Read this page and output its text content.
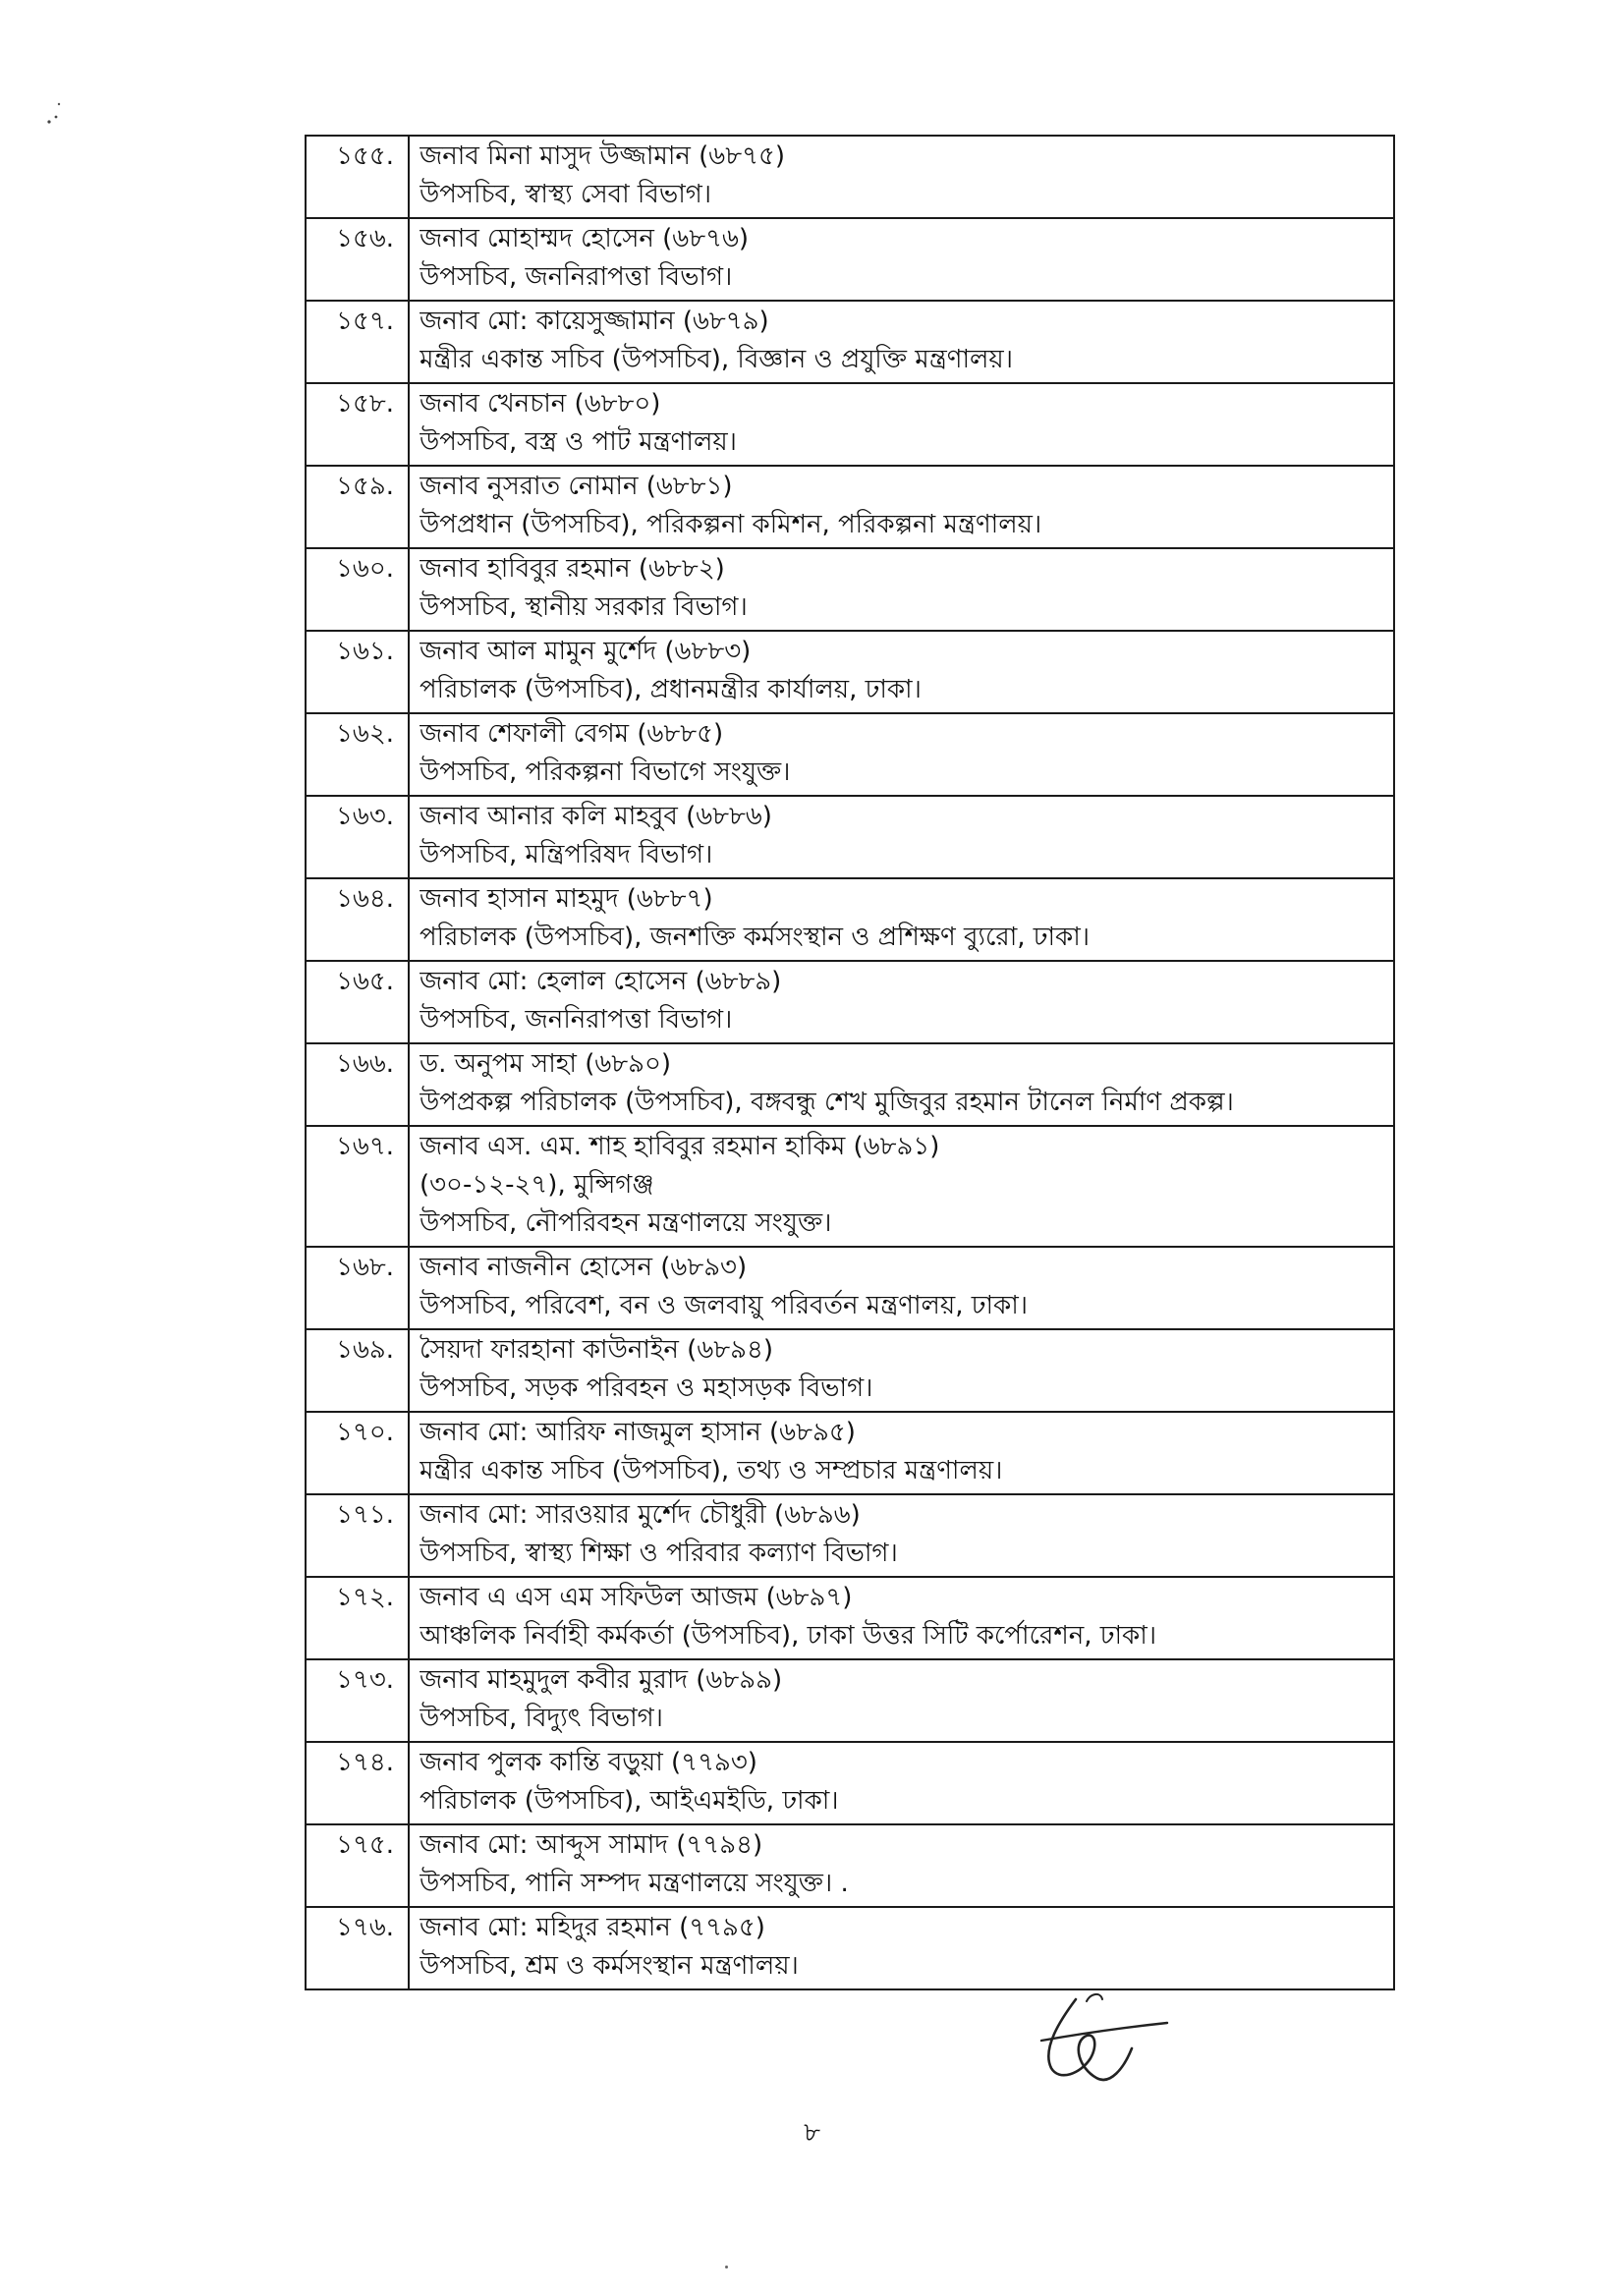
১৫৫.	জনাব মিনা মাসুদ উজ্জামান (৬৮৭৫)
উপসচিব, স্বাস্থ্য সেবা বিভাগ।

১৫৬.	জনাব মোহাম্মদ হোসেন (৬৮৭৬)
উপসচিব, জননিরাপত্তা বিভাগ।

১৫৭.	জনাব মো: কায়েসুজ্জামান (৬৮৭৯)
মন্ত্রীর একান্ত সচিব (উপসচিব), বিজ্ঞান ও প্রযুক্তি মন্ত্রণালয়।

১৫৮.	জনাব খেনচান (৬৮৮০)
উপসচিব, বস্ত্র ও পাট মন্ত্রণালয়।

১৫৯.	জনাব নুসরাত নোমান (৬৮৮১)
উপপ্রধান (উপসচিব), পরিকল্পনা কমিশন, পরিকল্পনা মন্ত্রণালয়।

১৬০.	জনাব হাবিবুর রহমান (৬৮৮২)
উপসচিব, স্থানীয় সরকার বিভাগ।

১৬১.	জনাব আল মামুন মুর্শেদ (৬৮৮৩)
পরিচালক (উপসচিব), প্রধানমন্ত্রীর কার্যালয়, ঢাকা।

১৬২.	জনাব শেফালী বেগম (৬৮৮৫)
উপসচিব, পরিকল্পনা বিভাগে সংযুক্ত।

১৬৩.	জনাব আনার কলি মাহবুব (৬৮৮৬)
উপসচিব, মন্ত্রিপরিষদ বিভাগ।

১৬৪.	জনাব হাসান মাহমুদ (৬৮৮৭)
পরিচালক (উপসচিব), জনশক্তি কর্মসংস্থান ও প্রশিক্ষণ ব্যুরো, ঢাকা।

১৬৫.	জনাব মো: হেলাল হোসেন (৬৮৮৯)
উপসচিব, জননিরাপত্তা বিভাগ।

১৬৬.	ড. অনুপম সাহা (৬৮৯০)
উপপ্রকল্প পরিচালক (উপসচিব), বঙ্গবন্ধু শেখ মুজিবুর রহমান টানেল নির্মাণ প্রকল্প।

১৬৭.	জনাব এস. এম. শাহ হাবিবুর রহমান হাকিম (৬৮৯১)
(৩০-১২-২৭), মুন্সিগঞ্জ
উপসচিব, নৌপরিবহন মন্ত্রণালয়ে সংযুক্ত।

১৬৮.	জনাব নাজনীন হোসেন (৬৮৯৩)
উপসচিব, পরিবেশ, বন ও জলবায়ু পরিবর্তন মন্ত্রণালয়, ঢাকা।

১৬৯.	সৈয়দা ফারহানা কাউনাইন (৬৮৯৪)
উপসচিব, সড়ক পরিবহন ও মহাসড়ক বিভাগ।

১৭০.	জনাব মো: আরিফ নাজমুল হাসান (৬৮৯৫)
মন্ত্রীর একান্ত সচিব (উপসচিব), তথ্য ও সম্প্রচার মন্ত্রণালয়।

১৭১.	জনাব মো: সারওয়ার মুর্শেদ চৌধুরী (৬৮৯৬)
উপসচিব, স্বাস্থ্য শিক্ষা ও পরিবার কল্যাণ বিভাগ।

১৭২.	জনাব এ এস এম সফিউল আজম (৬৮৯৭)
আঞ্চলিক নির্বাহী কর্মকর্তা (উপসচিব), ঢাকা উত্তর সিটি কর্পোরেশন, ঢাকা।

১৭৩.	জনাব মাহমুদুল কবীর মুরাদ (৬৮৯৯)
উপসচিব, বিদ্যুৎ বিভাগ।

১৭৪.	জনাব পুলক কান্তি বড়ুয়া (৭৭৯৩)
পরিচালক (উপসচিব), আইএমইডি, ঢাকা।

১৭৫.	জনাব মো: আব্দুস সামাদ (৭৭৯৪)
উপসচিব, পানি সম্পদ মন্ত্রণালয়ে সংযুক্ত। .

১৭৬.	জনাব মো: মহিদুর রহমান (৭৭৯৫)
উপসচিব, শ্রম ও কর্মসংস্থান মন্ত্রণালয়।
৮
